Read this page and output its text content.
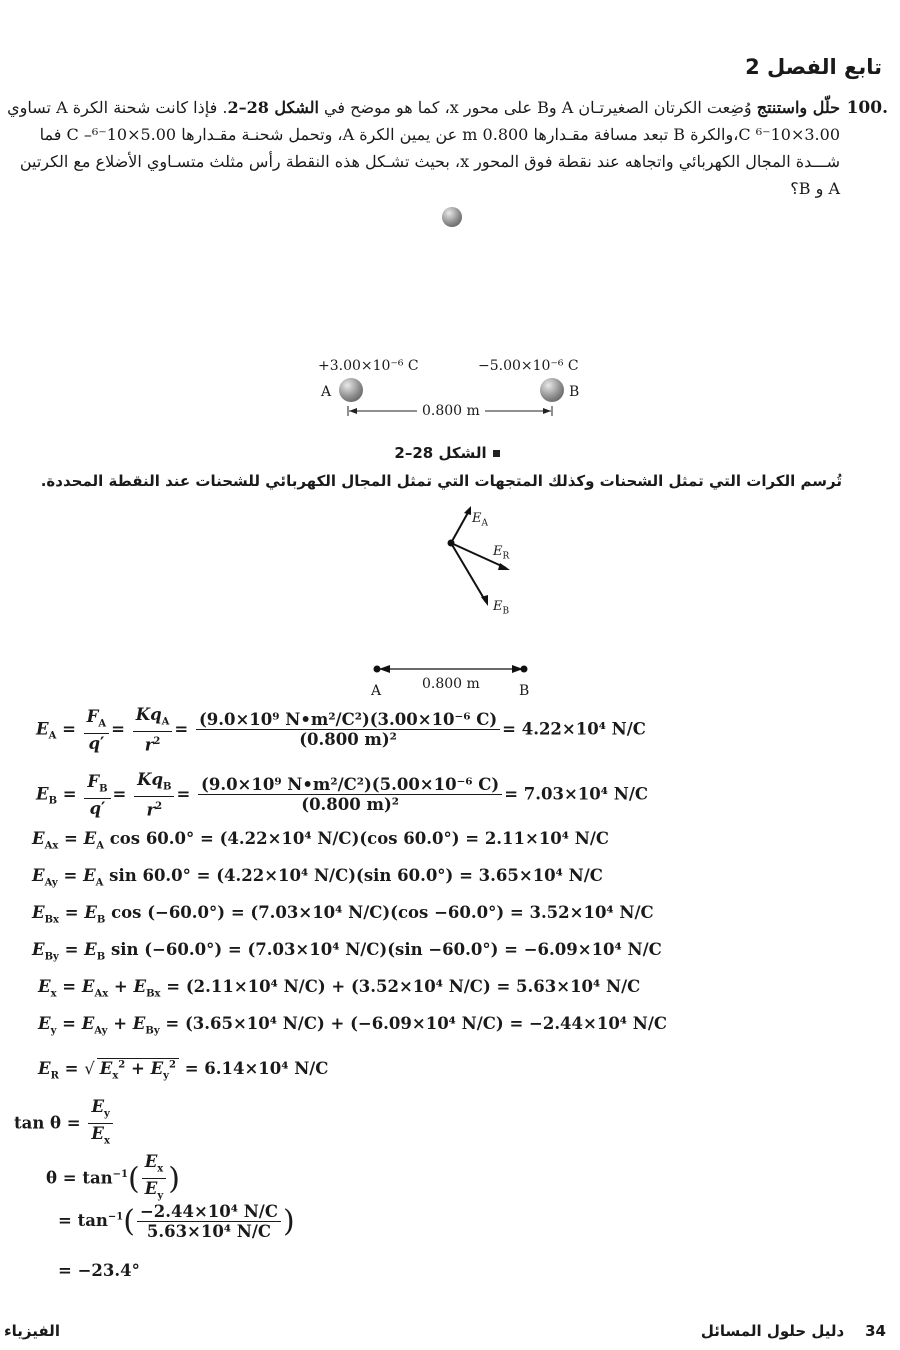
تابع الفصل 2
100.
حلّل واستنتج وُضِعت الكرتان الصغيرتـان A وB على محور x، كما هو موضح في الشكل 28–2. فإذا كانت شحنة الكرة A تساوي 3.00×10⁻⁶ C،والكرة B تبعد مسافة مقـدارها 0.800 m عن يمين الكرة A، وتحمل شحنـة مقـدارها 5.00×10⁻⁶– C فما شـــدة المجال الكهربائي واتجاهه عند نقطة فوق المحور x، بحيث تشـكل هذه النقطة رأس مثلث متسـاوي الأضلاع مع الكرتين A و B؟
+3.00×10⁻⁶ C	−5.00×10⁻⁶ C
A	B
0.800 m
الشكل 28–2
تُرسم الكرات التي تمثل الشحنات وكذلك المتجهات التي تمثل المجال الكهربائي للشحنات عند النقطة المحددة.
$E_A$
$E_R$
$E_B$
A	0.800 m	B
$E_A = \frac{F_A}{q'} = \frac{Kq_A}{r^2} = \frac{\text{(9.0×10⁹ N•m²/C²)(3.00×10⁻⁶ C)}}{\text{(0.800 m)²}} = 4.22\times 10^4$ N/C
$E_B = \frac{F_B}{q'} = \frac{Kq_B}{r^2} = \frac{\text{(9.0×10⁹ N•m²/C²)(5.00×10⁻⁶ C)}}{\text{(0.800 m)²}} = 7.03\times 10^4$ N/C
$E_{Ax} = E_A$ cos 60.0° = (4.22×10⁴ N/C)(cos 60.0°) = 2.11×10⁴ N/C
$E_{Ay} = E_A$ sin 60.0° = (4.22×10⁴ N/C)(sin 60.0°) = 3.65×10⁴ N/C
$E_{Bx} = E_B$ cos (−60.0°) = (7.03×10⁴ N/C)(cos −60.0°) = 3.52×10⁴ N/C
$E_{By} = E_B$ sin (−60.0°) = (7.03×10⁴ N/C)(sin −60.0°) = −6.09×10⁴ N/C
$E_x = E_{Ax} + E_{Bx} = (2.11\times 10^4$ N/C) + (3.52×10⁴ N/C) = 5.63×10⁴ N/C
$E_y = E_{Ay} + E_{By} = (3.65\times 10^4$ N/C) + (−6.09×10⁴ N/C) = −2.44×10⁴ N/C
$E_R$ = √ $E_x^2 + E_y^2 = 6.14\times 10^4$ N/C
$\tan \theta = \frac{E_y}{E_x}$
$\theta = \tan^{-1}( \frac{E_x}{E_y}$ )
= $\tan^{-1}( \frac{\text{−2.44×10⁴ N/C}}{\text{5.63×10⁴ N/C}}$ )
= −23.4°
الفيزياء	34    دليل حلول المسائل
